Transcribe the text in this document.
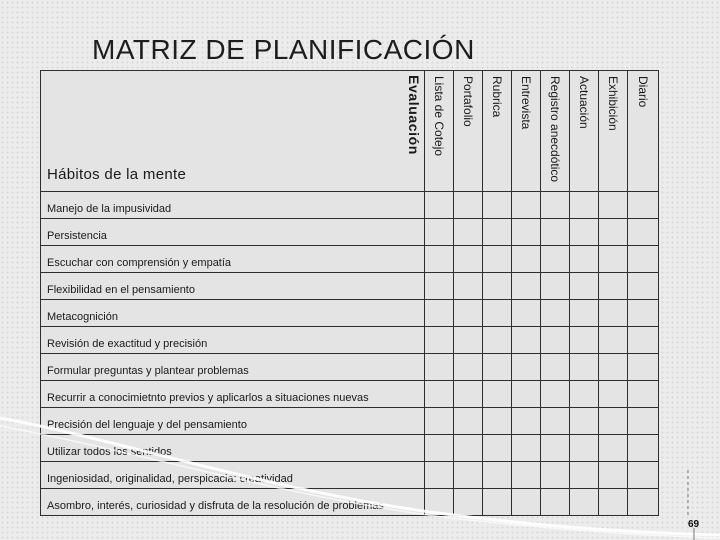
MATRIZ DE PLANIFICACIÓN
Evaluación
Hábitos de la mente	Lista de Cotejo	Portafolio	Rubrica	Entrevista	Registro anecdótico	Actuación	Exhibición	Diario

Manejo de la impusividad								
Persistencia								
Escuchar con comprensión y empatía								
Flexibilidad en el pensamiento								
Metacognición								
Revisión de exactitud y precisión								
Formular preguntas y plantear problemas								
Recurrir a conocimietnto previos y aplicarlos a situaciones nuevas								
Precisión del lenguaje y del pensamiento								
Utilizar todos los sentidos								
Ingeniosidad, originalidad, perspicacia: creatividad								
Asombro, interés, curiosidad y disfruta de la resolución de problemas								
69
